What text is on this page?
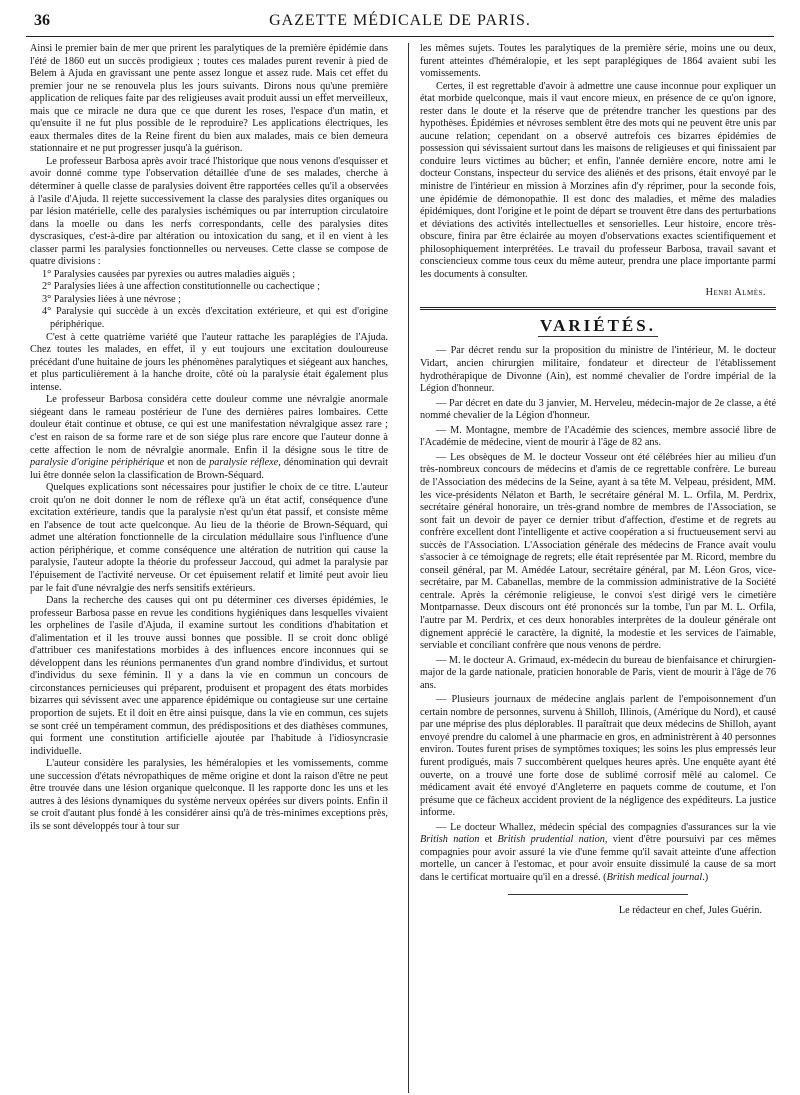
36	GAZETTE MÉDICALE DE PARIS.

Ainsi le premier bain de mer que prirent les paralytiques de la première épidémie dans l'été de 1860 eut un succès prodigieux ; toutes ces malades purent revenir à pied de Belem à Ajuda en gravissant une pente assez longue et assez rude. Mais cet effet du premier jour ne se renouvela plus les jours suivants. Dirons nous qu'une première application de reliques faite par des religieuses avait produit aussi un effet merveilleux, mais que ce miracle ne dura que ce que durent les roses, l'espace d'un matin, et qu'ensuite il ne fut plus possible de le reproduire? Les applications électriques, les eaux thermales dites de la Reine firent du bien aux malades, mais ce bien demeura stationnaire et ne put progresser jusqu'à la guérison.

Le professeur Barbosa après avoir tracé l'historique que nous venons d'esquisser et avoir donné comme type l'observation détaillée d'une de ses malades, cherche à déterminer à quelle classe de paralysies doivent être rapportées celles qu'il a observées à l'asile d'Ajuda. Il rejette successivement la classe des paralysies dites organiques ou par lésion matérielle, celle des paralysies ischémiques ou par interruption circulatoire dans la moelle ou dans les nerfs correspondants, celle des paralysies dites dyscrasiques, c'est-à-dire par altération ou intoxication du sang, et il en vient à les classer parmi les paralysies fonctionnelles ou nerveuses. Cette classe se compose de quatre divisions :

1° Paralysies causées par pyrexies ou autres maladies aiguës ;

2° Paralysies liées à une affection constitutionnelle ou cachectique ;

3° Paralysies liées à une névrose ;

4° Paralysie qui succède à un excès d'excitation extérieure, et qui est d'origine périphérique.

C'est à cette quatrième variété que l'auteur rattache les paraplégies de l'Ajuda. Chez toutes les malades, en effet, il y eut toujours une excitation douloureuse précédant d'une huitaine de jours les phénomènes paralytiques et siégeant aux hanches, et plus particulièrement à la hanche droite, côté où la paralysie était également plus intense.

Le professeur Barbosa considéra cette douleur comme une névralgie anormale siégeant dans le rameau postérieur de l'une des dernières paires lombaires. Cette douleur était continue et obtuse, ce qui est une manifestation névralgique assez rare ; c'est en raison de sa forme rare et de son siége plus rare encore que l'auteur donne à cette affection le nom de névralgie anormale. Enfin il la désigne sous le titre de paralysie d'origine périphérique et non de paralysie réflexe, dénomination qui devrait lui être donnée selon la classification de Brown-Séquard.

Quelques explications sont nécessaires pour justifier le choix de ce titre. L'auteur croit qu'on ne doit donner le nom de réflexe qu'à un état actif, conséquence d'une excitation extérieure, tandis que la paralysie n'est qu'un état passif, et consiste même en l'absence de tout acte quelconque. Au lieu de la théorie de Brown-Séquard, qui admet une altération fonctionnelle de la circulation médullaire sous l'influence d'une action périphérique, et comme conséquence une altération de nutrition qui cause la paralysie, l'auteur adopte la théorie du professeur Jaccoud, qui admet la paralysie par l'épuisement de l'activité nerveuse. Or cet épuisement relatif et limité peut avoir lieu par le fait d'une névralgie des nerfs sensitifs extérieurs.

Dans la recherche des causes qui ont pu déterminer ces diverses épidémies, le professeur Barbosa passe en revue les conditions hygiéniques dans lesquelles vivaient les orphelines de l'asile d'Ajuda, il examine surtout les conditions d'habitation et d'alimentation et il les trouve aussi bonnes que possible. Il se croit donc obligé d'attribuer ces manifestations morbides à des influences encore inconnues qui se développent dans les réunions permanentes d'un grand nombre d'individus, et surtout d'individus du sexe féminin. Il y a dans la vie en commun un concours de circonstances pernicieuses qui préparent, produisent et propagent des états morbides bizarres qui sévissent avec une apparence épidémique ou contagieuse sur une certaine proportion de sujets. Et il doit en être ainsi puisque, dans la vie en commun, ces sujets se sont créé un tempérament commun, des prédispositions et des diathèses communes, qui forment une constitution artificielle ajoutée par l'habitude à l'idiosyncrasie individuelle.

L'auteur considère les paralysies, les héméralopies et les vomissements, comme une succession d'états névropathiques de même origine et dont la raison d'être ne peut être trouvée dans une lésion organique quelconque. Il les rapporte donc les uns et les autres à des lésions dynamiques du système nerveux opérées sur divers points. Enfin il se croit d'autant plus fondé à les considérer ainsi qu'à de très-minimes exceptions près, ils se sont développés tour à tour sur

les mêmes sujets. Toutes les paralytiques de la première série, moins une ou deux, furent atteintes d'héméralopie, et les sept paraplégiques de 1864 avaient subi les vomissements.

Certes, il est regrettable d'avoir à admettre une cause inconnue pour expliquer un état morbide quelconque, mais il vaut encore mieux, en présence de ce qu'on ignore, rester dans le doute et la réserve que de prétendre trancher les questions par des hypothèses. Épidémies et névroses semblent être des mots qui ne peuvent être unis par aucune relation; cependant on a observé autrefois ces bizarres épidémies de possession qui sévissaient surtout dans les maisons de religieuses et qui finissaient par conduire leurs victimes au bûcher; et enfin, l'année dernière encore, notre ami le docteur Constans, inspecteur du service des aliénés et des prisons, était envoyé par le ministre de l'intérieur en mission à Morzines afin d'y réprimer, pour la seconde fois, une épidémie de démonopathie. Il est donc des maladies, et même des maladies épidémiques, dont l'origine et le point de départ se trouvent être dans des perturbations et déviations des activités intellectuelles et sensorielles. Leur histoire, encore très-obscure, finira par être éclairée au moyen d'observations exactes scientifiquement et philosophiquement interprétées. Le travail du professeur Barbosa, travail savant et consciencieux comme tous ceux du même auteur, prendra une place importante parmi les documents à consulter.

Henri Almès.
VARIÉTÉS.

— Par décret rendu sur la proposition du ministre de l'intérieur, M. le docteur Vidart, ancien chirurgien militaire, fondateur et directeur de l'établissement hydrothérapique de Divonne (Ain), est nommé chevalier de l'ordre impérial de la Légion d'honneur.

— Par décret en date du 3 janvier, M. Herveleu, médecin-major de 2e classe, a été nommé chevalier de la Légion d'honneur.

— M. Montagne, membre de l'Académie des sciences, membre associé libre de l'Académie de médecine, vient de mourir à l'âge de 82 ans.

— Les obsèques de M. le docteur Vosseur ont été célébrées hier au milieu d'un très-nombreux concours de médecins et d'amis de ce regrettable confrère. Le bureau de l'Association des médecins de la Seine, ayant à sa tête M. Velpeau, président, MM. les vice-présidents Nélaton et Barth, le secrétaire général M. L. Orfila, M. Perdrix, secrétaire général honoraire, un très-grand nombre de membres de l'Association, se sont fait un devoir de payer ce dernier tribut d'affection, d'estime et de regrets au confrère excellent dont l'intelligente et active coopération a si fructueusement servi au succès de l'Association. L'Association générale des médecins de France avait voulu s'associer à ce témoignage de regrets; elle était représentée par M. Ricord, membre du conseil général, par M. Amédée Latour, secrétaire général, par M. Léon Gros, vice-secrétaire, par M. Cabanellas, membre de la commission administrative de la Société centrale. Après la cérémonie religieuse, le convoi s'est dirigé vers le cimetière Montparnasse. Deux discours ont été prononcés sur la tombe, l'un par M. L. Orfila, l'autre par M. Perdrix, et ces deux honorables interprètes de la douleur générale ont dignement apprécié le caractère, la dignité, la modestie et les services de l'aimable, serviable et conciliant confrère que nous venons de perdre.

— M. le docteur A. Grimaud, ex-médecin du bureau de bienfaisance et chirurgien-major de la garde nationale, praticien honorable de Paris, vient de mourir à l'âge de 76 ans.

— Plusieurs journaux de médecine anglais parlent de l'empoisonnement d'un certain nombre de personnes, survenu à Shilloh, Illinois, (Amérique du Nord), et causé par une méprise des plus déplorables. Il paraîtrait que deux médecins de Shilloh, ayant envoyé prendre du calomel à une pharmacie en gros, en administrèrent à 40 personnes environ. Toutes furent prises de symptômes toxiques; les soins les plus empressés leur furent prodigués, mais 7 succombèrent quelques heures après. Une enquête ayant été ouverte, on a trouvé une forte dose de sublimé corrosif mêlé au calomel. Ce médicament avait été envoyé d'Angleterre en paquets comme de coutume, et l'on présume que ce fâcheux accident provient de la négligence des expéditeurs. La justice informe.

— Le docteur Whallez, médecin spécial des compagnies d'assurances sur la vie British nation et British prudential nation, vient d'être poursuivi par ces mêmes compagnies pour avoir assuré la vie d'une femme qu'il savait atteinte d'une affection mortelle, un cancer à l'estomac, et pour avoir ensuite dissimulé la cause de sa mort dans le certificat mortuaire qu'il en a dressé. (British medical journal.)

Le rédacteur en chef, Jules Guérin.
